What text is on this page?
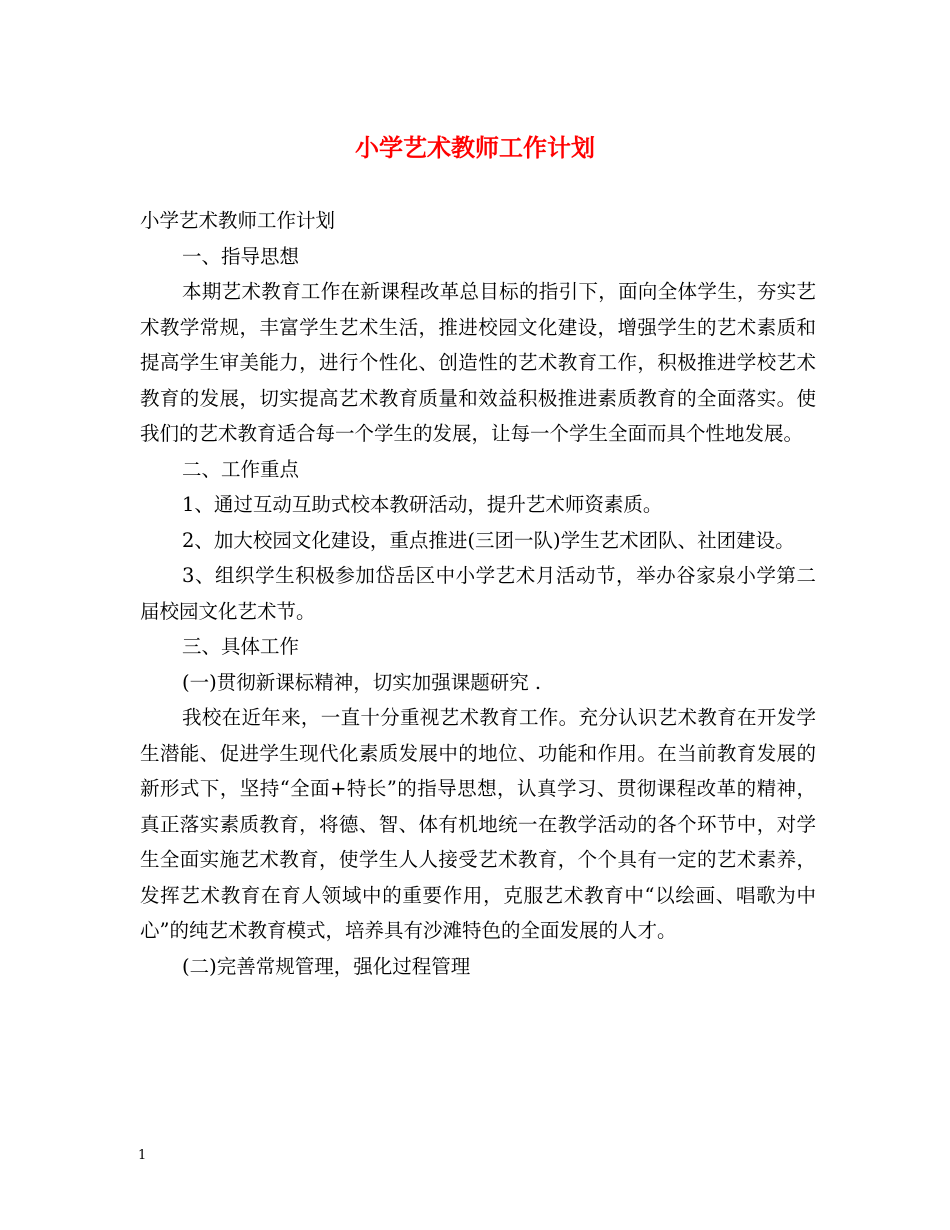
小学艺术教师工作计划

小学艺术教师工作计划

一、指导思想

本期艺术教育工作在新课程改革总目标的指引下，面向全体学生，夯实艺术教学常规，丰富学生艺术生活，推进校园文化建设，增强学生的艺术素质和提高学生审美能力，进行个性化、创造性的艺术教育工作，积极推进学校艺术教育的发展，切实提高艺术教育质量和效益积极推进素质教育的全面落实。使我们的艺术教育适合每一个学生的发展，让每一个学生全面而具个性地发展。

二、工作重点

1、通过互动互助式校本教研活动，提升艺术师资素质。

2、加大校园文化建设，重点推进(三团一队)学生艺术团队、社团建设。

3、组织学生积极参加岱岳区中小学艺术月活动节，举办谷家泉小学第二届校园文化艺术节。

三、具体工作

(一)贯彻新课标精神，切实加强课题研究 .

我校在近年来，一直十分重视艺术教育工作。充分认识艺术教育在开发学生潜能、促进学生现代化素质发展中的地位、功能和作用。在当前教育发展的新形式下，坚持“全面+特长”的指导思想，认真学习、贯彻课程改革的精神，真正落实素质教育，将德、智、体有机地统一在教学活动的各个环节中，对学生全面实施艺术教育，使学生人人接受艺术教育，个个具有一定的艺术素养，发挥艺术教育在育人领域中的重要作用，克服艺术教育中“以绘画、唱歌为中心”的纯艺术教育模式，培养具有沙滩特色的全面发展的人才。

(二)完善常规管理，强化过程管理

1
